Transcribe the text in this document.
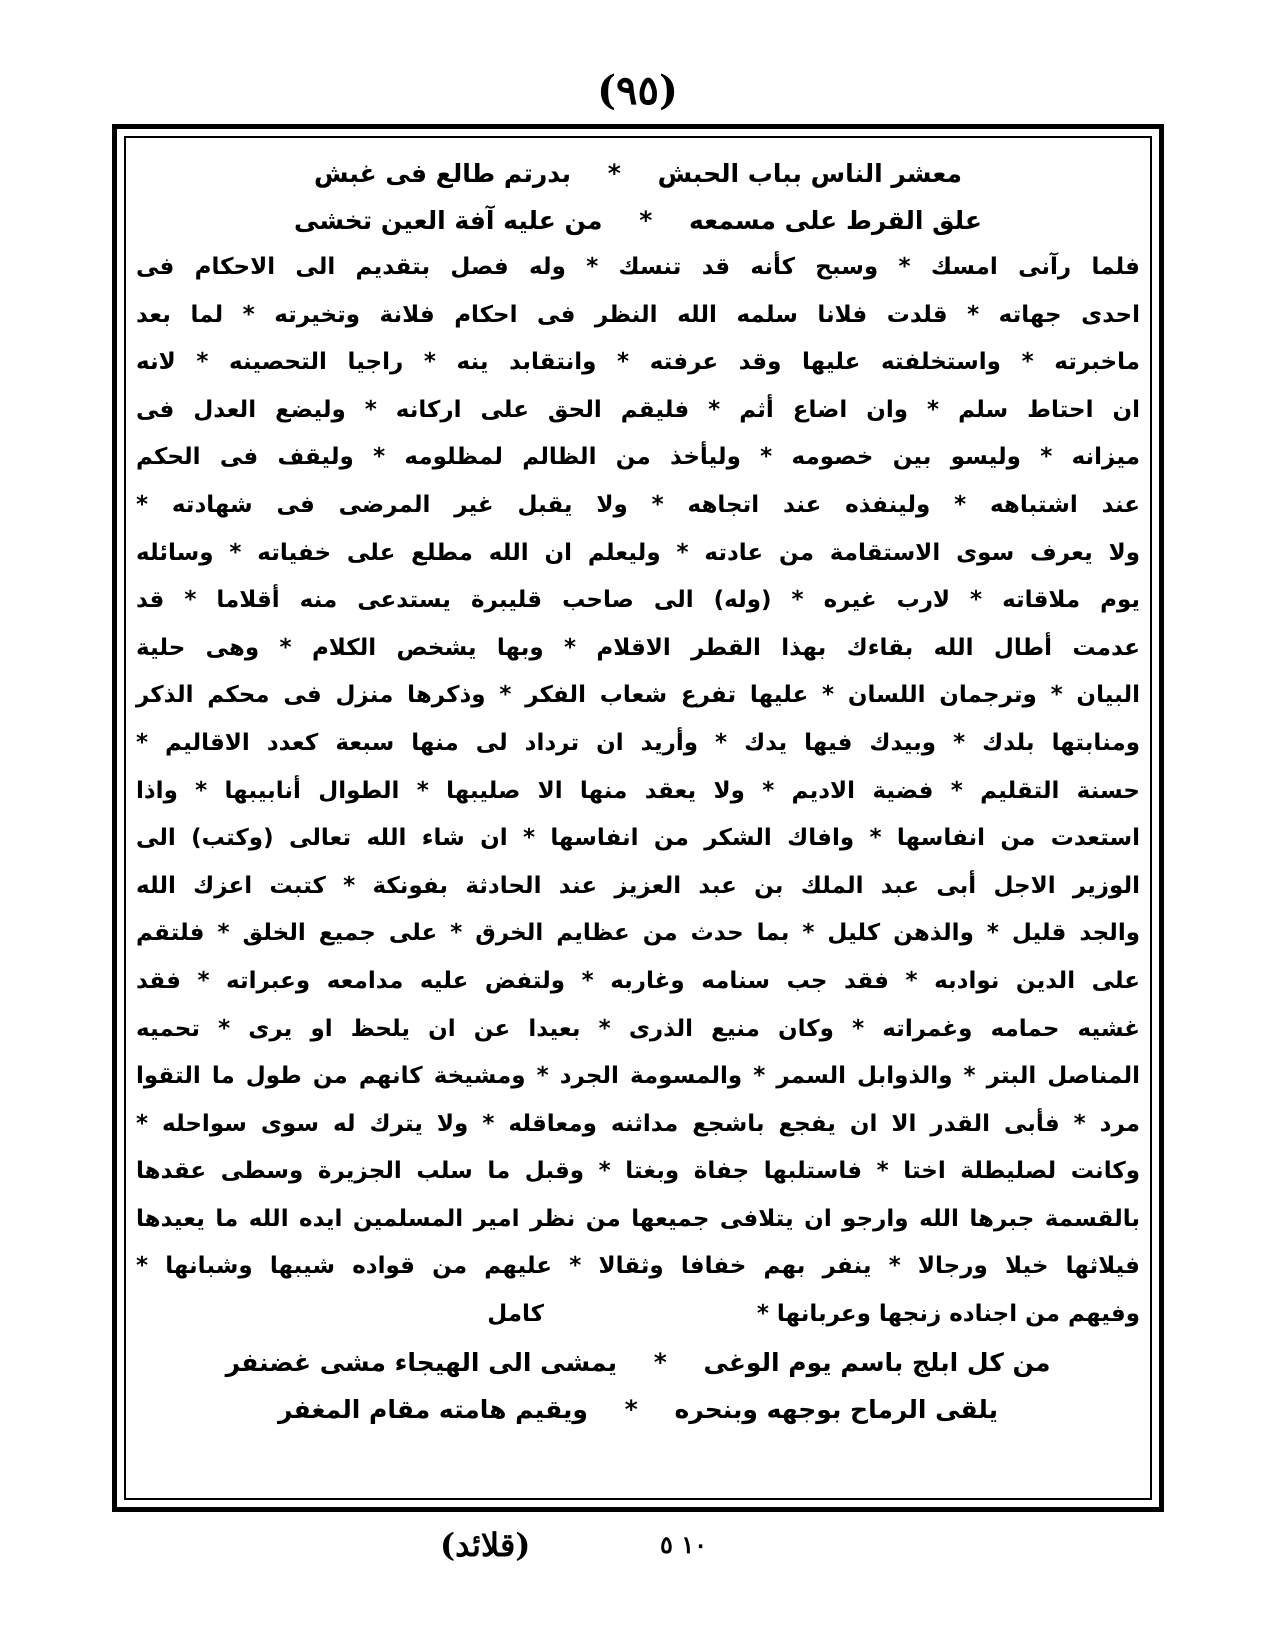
(٩٥)
معشر الناس بباب الحبش * بدرتم طالع فى غبش
علق القرط على مسمعه * من عليه آفة العين تخشى
فلما رآنى امسك * وسبح كأنه قد تنسك * وله فصل بتقديم الى الاحكام فى
احدى جهاته * قلدت فلانا سلمه الله النظر فى احكام فلانة وتخيرته * لما بعد
ماخبرته * واستخلفته عليها وقد عرفته * وانتقابد ينه * راجيا التحصينه * لانه
ان احتاط سلم * وان اضاع أثم * فليقم الحق على اركانه * وليضع العدل فى
ميزانه * وليسو بين خصومه * وليأخذ من الظالم لمظلومه * وليقف فى الحكم
عند اشتباهه * ولينفذه عند اتجاهه * ولا يقبل غير المرضى فى شهادته *
ولا يعرف سوى الاستقامة من عادته * وليعلم ان الله مطلع على خفياته * وسائله
يوم ملاقاته * لارب غيره * (وله) الى صاحب قليبرة يستدعى منه أقلاما * قد
عدمت أطال الله بقاءك بهذا القطر الاقلام * وبها يشخص الكلام * وهى حلية
البيان * وترجمان اللسان * عليها تفرع شعاب الفكر * وذكرها منزل فى محكم الذكر
ومنابتها بلدك * وبيدك فيها يدك * وأريد ان ترداد لى منها سبعة كعدد الاقاليم *
حسنة التقليم * فضية الاديم * ولا يعقد منها الا صليبها * الطوال أنابيبها * واذا
استعدت من انفاسها * وافاك الشكر من انفاسها * ان شاء الله تعالى (وكتب) الى
الوزير الاجل أبى عبد الملك بن عبد العزيز عند الحادثة بفونكة * كتبت اعزك الله
والجد قليل * والذهن كليل * بما حدث من عظايم الخرق * على جميع الخلق * فلتقم
على الدين نوادبه * فقد جب سنامه وغاربه * ولتفض عليه مدامعه وعبراته * فقد
غشيه حمامه وغمراته * وكان منيع الذرى * بعيدا عن ان يلحظ او يرى * تحميه
المناصل البتر * والذوابل السمر * والمسومة الجرد * ومشيخة كانهم من طول ما التقوا
مرد * فأبى القدر الا ان يفجع باشجع مداثنه ومعاقله * ولا يترك له سوى سواحله *
وكانت لصليطلة اختا * فاستلبها جفاة وبغتا * وقبل ما سلب الجزيرة وسطى عقدها
بالقسمة جبرها الله وارجو ان يتلافى جميعها من نظر امير المسلمين ايده الله ما يعيدها
فيلاثها خيلا ورجالا * ينفر بهم خفافا وثقالا * عليهم من قواده شيبها وشبانها *
وفيهم من اجناده زنجها وعربانها *
كامل
من كل ابلج باسم يوم الوغى * يمشى الى الهيجاء مشى غضنفر
يلقى الرماح بوجهه وبنحره * ويقيم هامته مقام المغفر
(قلائد)	١٠ ٥
